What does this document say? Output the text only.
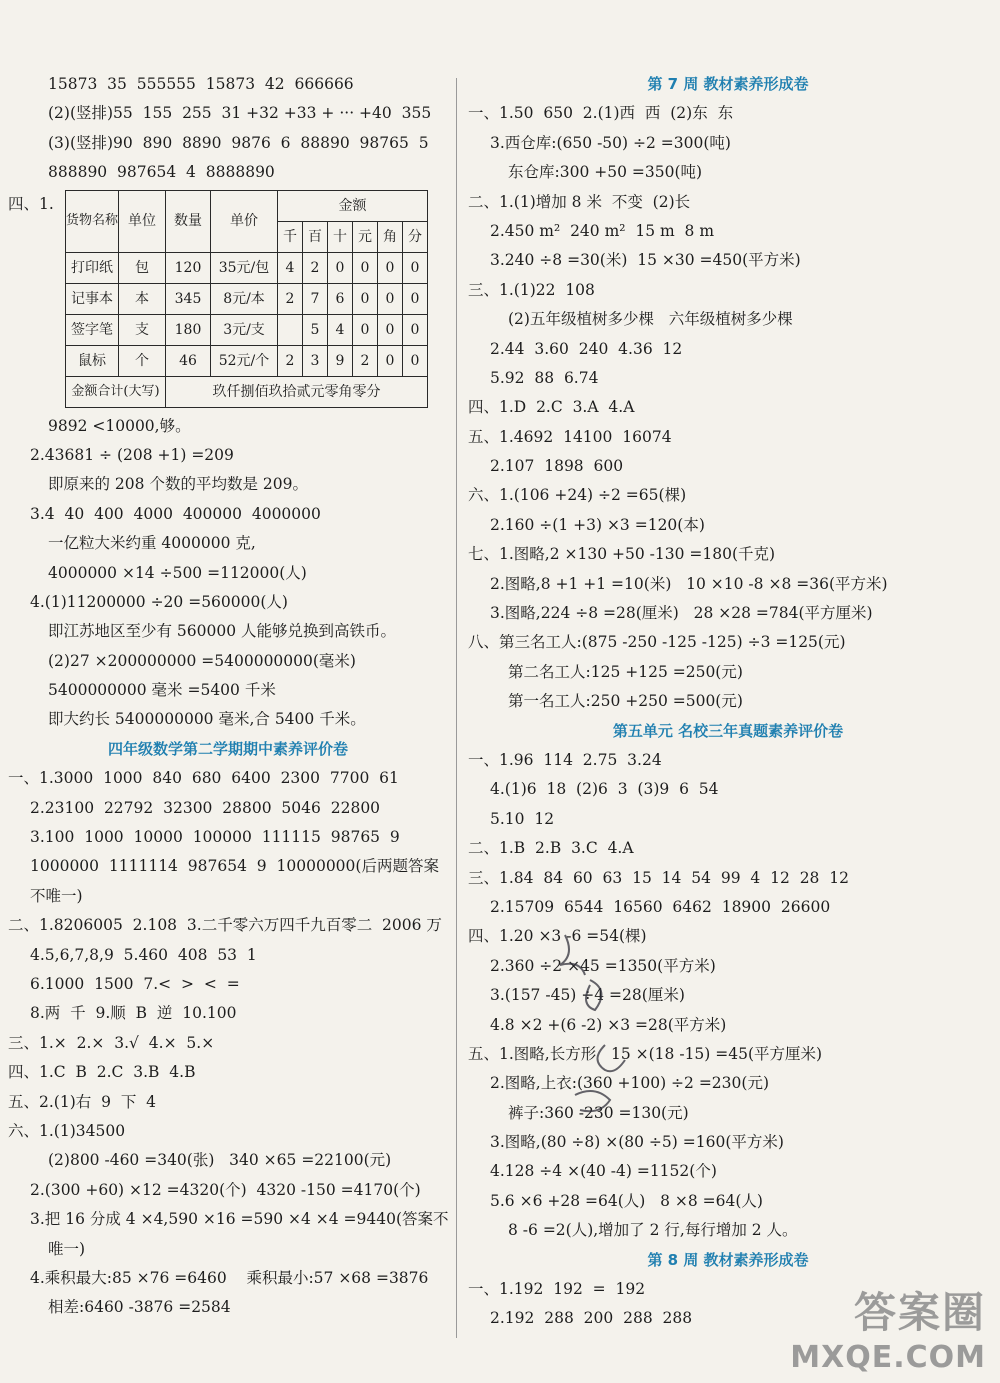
15873  35  555555  15873  42  666666
(2)(竖排)55  155  255  31 +32 +33 + ··· +40  355
(3)(竖排)90  890  8890  9876  6  88890  98765  5
888890  987654  4  8888890
四、1.
货物名称	单位	数量	单价	金额					
				千	百	十	元	角	分
打印纸	包	120	35元/包	4	2	0	0	0	0
记事本	本	345	8元/本	2	7	6	0	0	0
签字笔	支	180	3元/支		5	4	0	0	0
鼠标	个	46	52元/个	2	3	9	2	0	0
金额合计(大写)		玖仟捌佰玖拾贰元零角零分							
9892 <10000,够。
2.43681 ÷ (208 +1) =209
即原来的 208 个数的平均数是 209。
3.4  40  400  4000  400000  4000000
一亿粒大米约重 4000000 克,
4000000 ×14 ÷500 =112000(人)
4.(1)11200000 ÷20 =560000(人)
即江苏地区至少有 560000 人能够兑换到高铁币。
(2)27 ×200000000 =5400000000(毫米)
5400000000 毫米 =5400 千米
即大约长 5400000000 毫米,合 5400 千米。
四年级数学第二学期期中素养评价卷
一、1.3000  1000  840  680  6400  2300  7700  61
2.23100  22792  32300  28800  5046  22800
3.100  1000  10000  100000  111115  98765  9
1000000  1111114  987654  9  10000000(后两题答案
不唯一)
二、1.8206005  2.108  3.二千零六万四千九百零二  2006 万
4.5,6,7,8,9  5.460  408  53  1
6.1000  1500  7.<  >  <  =
8.两  千  9.顺  B  逆  10.100
三、1.×  2.×  3.√  4.×  5.×
四、1.C  B  2.C  3.B  4.B
五、2.(1)右  9  下  4
六、1.(1)34500
(2)800 -460 =340(张)   340 ×65 =22100(元)
2.(300 +60) ×12 =4320(个)  4320 -150 =4170(个)
3.把 16 分成 4 ×4,590 ×16 =590 ×4 ×4 =9440(答案不
唯一)
4.乘积最大:85 ×76 =6460    乘积最小:57 ×68 =3876
相差:6460 -3876 =2584
第 7 周 教材素养形成卷
一、1.50  650  2.(1)西  西  (2)东  东
3.西仓库:(650 -50) ÷2 =300(吨)
东仓库:300 +50 =350(吨)
二、1.(1)增加 8 米  不变  (2)长
2.450 m²  240 m²  15 m  8 m
3.240 ÷8 =30(米)  15 ×30 =450(平方米)
三、1.(1)22  108
(2)五年级植树多少棵   六年级植树多少棵
2.44  3.60  240  4.36  12
5.92  88  6.74
四、1.D  2.C  3.A  4.A
五、1.4692  14100  16074
2.107  1898  600
六、1.(106 +24) ÷2 =65(棵)
2.160 ÷(1 +3) ×3 =120(本)
七、1.图略,2 ×130 +50 -130 =180(千克)
2.图略,8 +1 +1 =10(米)   10 ×10 -8 ×8 =36(平方米)
3.图略,224 ÷8 =28(厘米)   28 ×28 =784(平方厘米)
八、第三名工人:(875 -250 -125 -125) ÷3 =125(元)
第二名工人:125 +125 =250(元)
第一名工人:250 +250 =500(元)
第五单元 名校三年真题素养评价卷
一、1.96  114  2.75  3.24
4.(1)6  18  (2)6  3  (3)9  6  54
5.10  12
二、1.B  2.B  3.C  4.A
三、1.84  84  60  63  15  14  54  99  4  12  28  12
2.15709  6544  16560  6462  18900  26600
四、1.20 ×3 -6 =54(棵)
2.360 ÷2 ×45 =1350(平方米)
3.(157 -45) ÷4 =28(厘米)
4.8 ×2 +(6 -2) ×3 =28(平方米)
五、1.图略,长方形   15 ×(18 -15) =45(平方厘米)
2.图略,上衣:(360 +100) ÷2 =230(元)
裤子:360 -230 =130(元)
3.图略,(80 ÷8) ×(80 ÷5) =160(平方米)
4.128 ÷4 ×(40 -4) =1152(个)
5.6 ×6 +28 =64(人)   8 ×8 =64(人)
8 -6 =2(人),增加了 2 行,每行增加 2 人。
第 8 周 教材素养形成卷
一、1.192  192  =  192
2.192  288  200  288  288	答案圈
MXQE.COM
